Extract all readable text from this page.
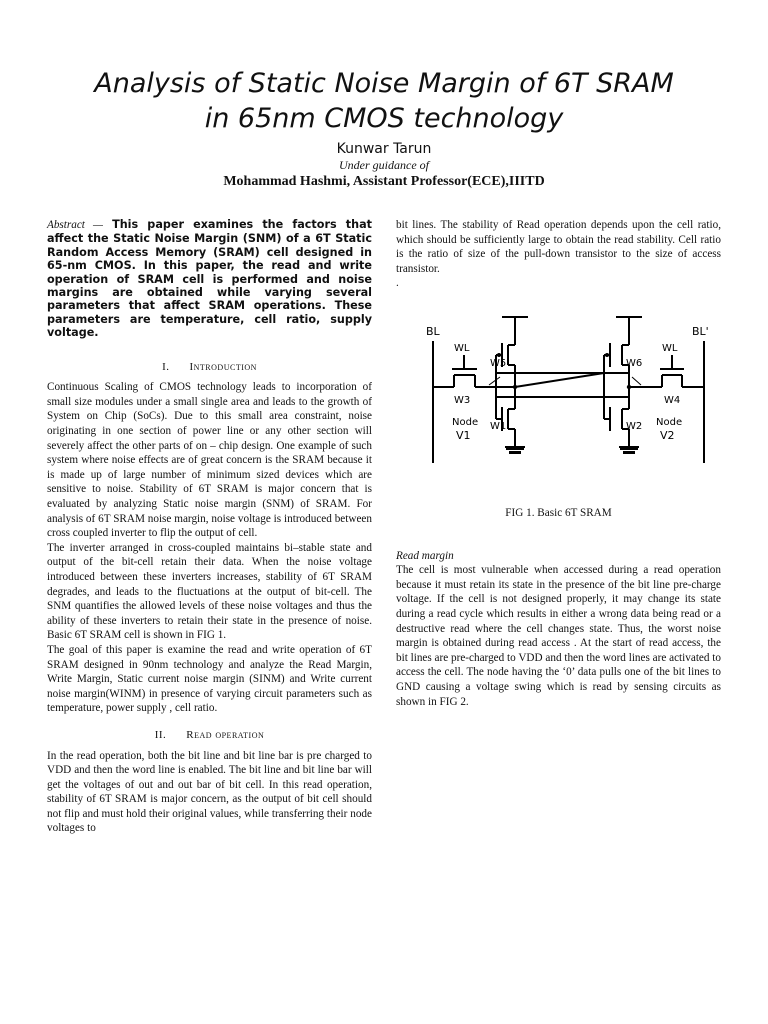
Analysis of Static Noise Margin of 6T SRAM
in 65nm CMOS technology
Kunwar Tarun
Under guidance of
Mohammad Hashmi, Assistant Professor(ECE),IIITD

Abstract — This paper examines the factors that affect the Static Noise Margin (SNM) of a 6T Static Random Access Memory (SRAM) cell designed in 65-nm CMOS. In this paper, the read and write operation of SRAM cell is performed and noise margins are obtained while varying several parameters that affect SRAM operations. These parameters are temperature, cell ratio, supply voltage.

I. Introduction

Continuous Scaling of CMOS technology leads to incorporation of small size modules under a small single area and leads to the growth of System on Chip (SoCs). Due to this small area constraint, noise originating in one section of power line or any other section will severely affect the other parts of on – chip design. One example of such system where noise effects are of great concern is the SRAM because it is made up of large number of minimum sized devices which are sensitive to noise. Stability of 6T SRAM is major concern that is evaluated by analyzing Static noise margin (SNM) of SRAM. For analysis of 6T SRAM noise margin, noise voltage is introduced between cross coupled inverter to flip the output of cell.

The inverter arranged in cross-coupled maintains bi–stable state and output of the bit-cell retain their data. When the noise voltage introduced between these inverters increases, stability of 6T SRAM degrades, and leads to the fluctuations at the output of bit-cell. The SNM quantifies the allowed levels of these noise voltages and thus the ability of these inverters to retain their state in the presence of noise. Basic 6T SRAM cell is shown in FIG 1.

The goal of this paper is examine the read and write operation of 6T SRAM designed in 90nm technology and analyze the Read Margin, Write Margin, Static current noise margin (SINM) and Write current noise margin(WINM) in presence of varying circuit parameters such as temperature, power supply , cell ratio.

II. Read operation

In the read operation, both the bit line and bit line bar is pre charged to VDD and then the word line is enabled. The bit line and bit line bar will get the voltages of out and out bar of bit cell. In this read operation, stability of 6T SRAM is major concern, as the output of bit cell should not flip and must hold their original values, while transferring their node voltages to

bit lines. The stability of Read operation depends upon the cell ratio, which should be sufficiently large to obtain the read stability. Cell ratio is the ratio of size of the pull-down transistor to the size of access transistor.

.

BL	BL'
WL	WL
W5	W6
W3	W4
W1	W2
Node
V1
Node
V2
FIG 1. Basic 6T SRAM

Read margin

The cell is most vulnerable when accessed during a read operation because it must retain its state in the presence of the bit line pre-charge voltage. If the cell is not designed properly, it may change its state during a read cycle which results in either a wrong data being read or a destructive read where the cell changes state. Thus, the worst noise margin is obtained during read access . At the start of read access, the bit lines are pre-charged to VDD and then the word lines are activated to access the cell. The node having the ‘0’ data pulls one of the bit lines to GND causing a voltage swing which is read by sensing circuits as shown in FIG 2.
